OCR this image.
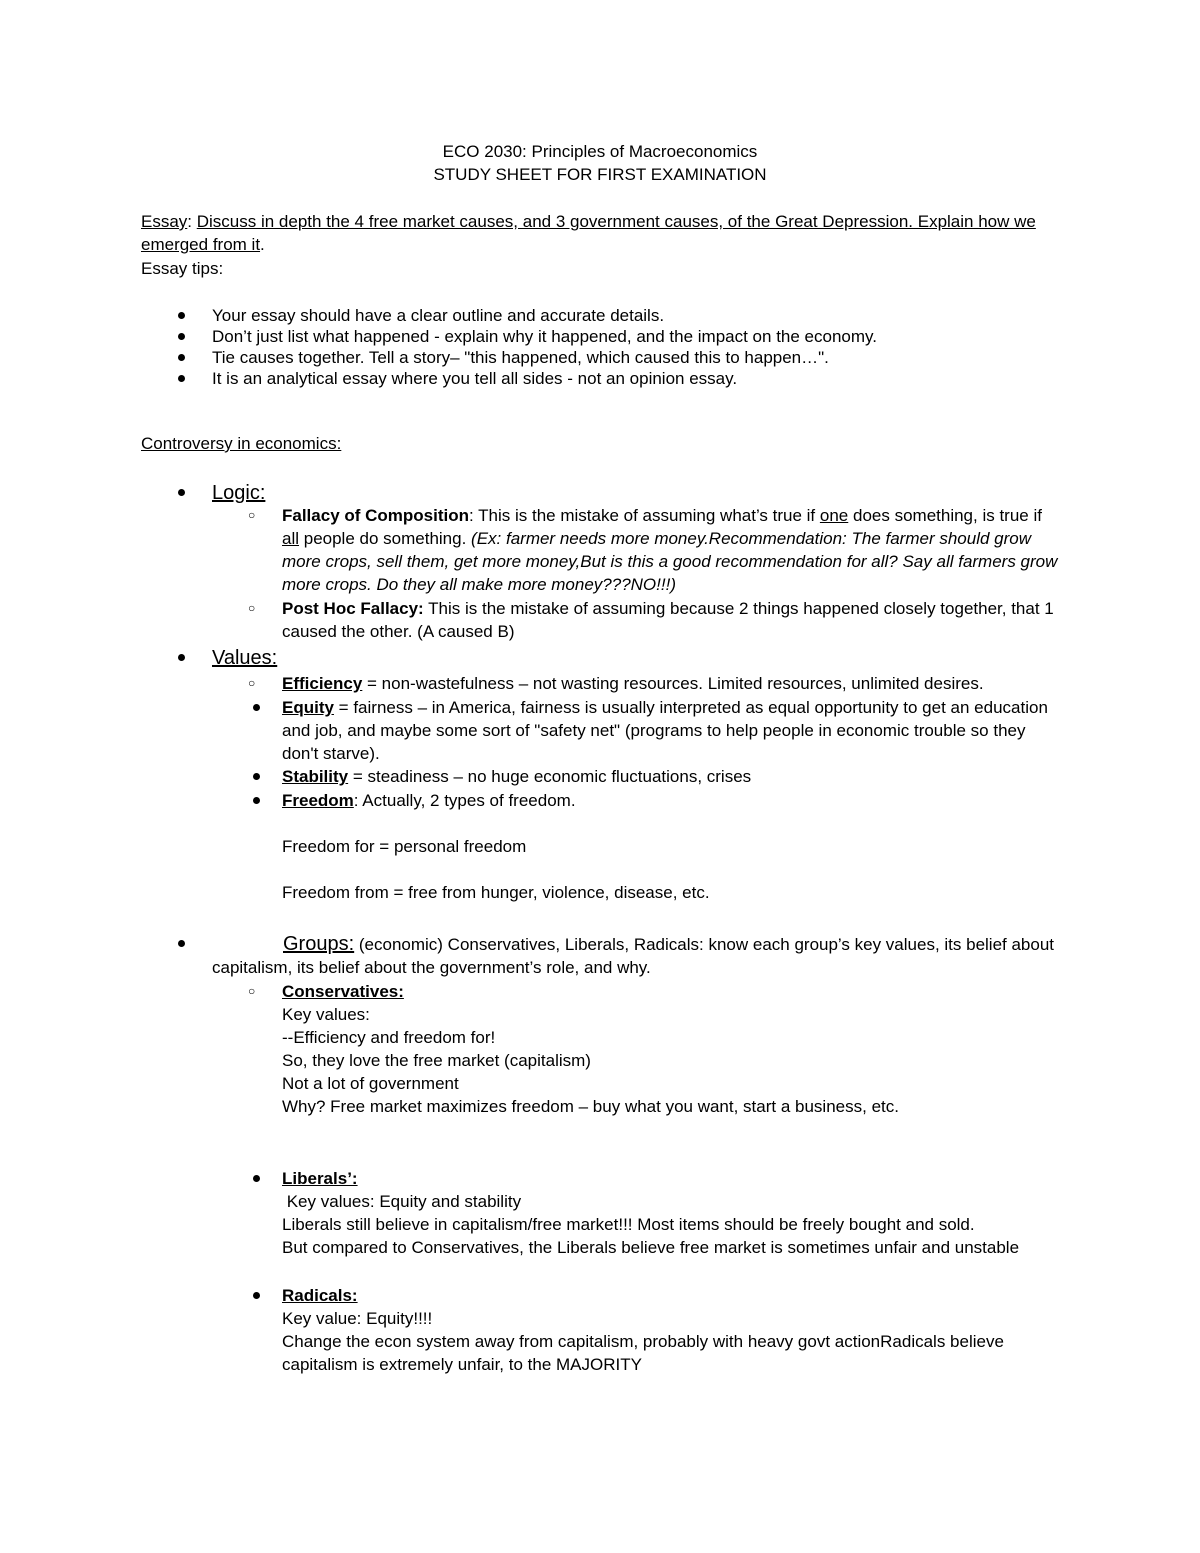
ECO 2030: Principles of Macroeconomics
STUDY SHEET FOR FIRST EXAMINATION
Essay: Discuss in depth the 4 free market causes, and 3 government causes, of the Great Depression. Explain how we emerged from it.
Essay tips:
Your essay should have a clear outline and accurate details.
Don’t just list what happened - explain why it happened, and the impact on the economy.
Tie causes together. Tell a story– "this happened, which caused this to happen…".
It is an analytical essay where you tell all sides - not an opinion essay.
Controversy in economics:
Logic:
○ Fallacy of Composition: This is the mistake of assuming what’s true if one does something, is true if all people do something. (Ex: farmer needs more money.Recommendation: The farmer should grow more crops, sell them, get more money,But is this a good recommendation for all? Say all farmers grow more crops. Do they all make more money???NO!!!)
○ Post Hoc Fallacy: This is the mistake of assuming because 2 things happened closely together, that 1 caused the other. (A caused B)
Values:
○ Efficiency = non-wastefulness – not wasting resources. Limited resources, unlimited desires.
Equity = fairness – in America, fairness is usually interpreted as equal opportunity to get an education and job, and maybe some sort of "safety net" (programs to help people in economic trouble so they don't starve).
Stability = steadiness – no huge economic fluctuations, crises
Freedom: Actually, 2 types of freedom.
Freedom for = personal freedom
Freedom from = free from hunger, violence, disease, etc.
Groups: (economic) Conservatives, Liberals, Radicals: know each group’s key values, its belief about capitalism, its belief about the government’s role, and why.
○ Conservatives:
Key values:
--Efficiency and freedom for!
So, they love the free market (capitalism)
Not a lot of government
Why? Free market maximizes freedom – buy what you want, start a business, etc.
Liberals’:
Key values: Equity and stability
Liberals still believe in capitalism/free market!!! Most items should be freely bought and sold.
But compared to Conservatives, the Liberals believe free market is sometimes unfair and unstable
Radicals:
Key value: Equity!!!!
Change the econ system away from capitalism, probably with heavy govt actionRadicals believe capitalism is extremely unfair, to the MAJORITY
